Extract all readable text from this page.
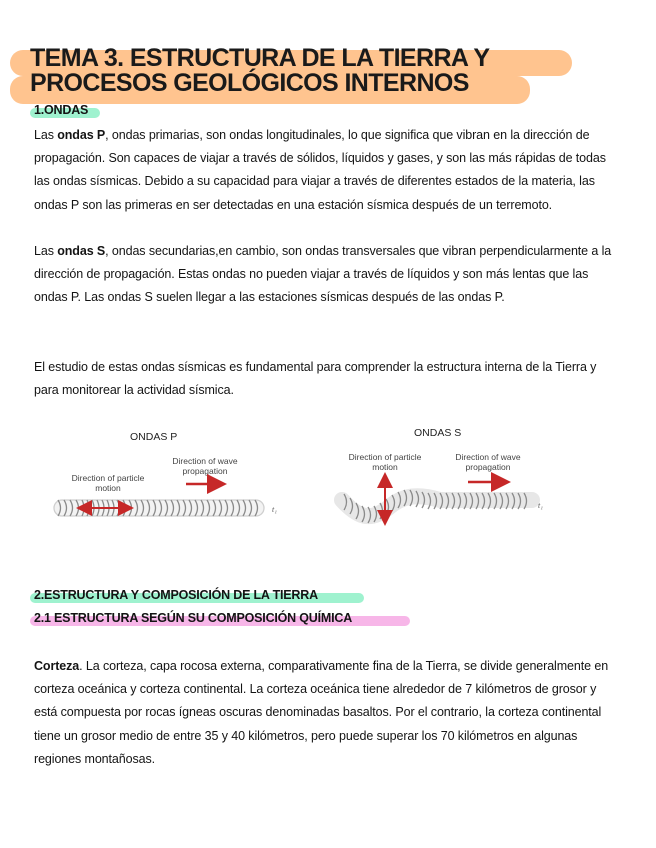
TEMA 3. ESTRUCTURA DE LA TIERRA Y
PROCESOS GEOLÓGICOS INTERNOS
1.ONDAS

Las ondas P, ondas primarias, son ondas longitudinales, lo que significa que vibran en la dirección de propagación. Son capaces de viajar a través de sólidos, líquidos y gases, y son las más rápidas de todas las ondas sísmicas. Debido a su capacidad para viajar a través de diferentes estados de la materia, las ondas P son las primeras en ser detectadas en una estación sísmica después de un terremoto.

Las ondas S, ondas secundarias,en cambio, son ondas transversales que vibran perpendicularmente a la dirección de propagación. Estas ondas no pueden viajar a través de líquidos y son más lentas que las ondas P. Las ondas S suelen llegar a las estaciones sísmicas después de las ondas P.

El estudio de estas ondas sísmicas es fundamental para comprender la estructura interna de la Tierra y para monitorear la actividad sísmica.

ONDAS P	ONDAS S
Direction of wave propagation
Direction of particle motion
Direction of particle motion
Direction of wave propagation
t₁	t₁
2.ESTRUCTURA Y COMPOSICIÓN DE LA TIERRA
2.1 ESTRUCTURA SEGÚN SU COMPOSICIÓN QUÍMICA

Corteza. La corteza, capa rocosa externa, comparativamente fina de la Tierra, se divide generalmente en corteza oceánica y corteza continental. La corteza oceánica tiene alrededor de 7 kilómetros de grosor y está compuesta por rocas ígneas oscuras denominadas basaltos. Por el contrario, la corteza continental tiene un grosor medio de entre 35 y 40 kilómetros, pero puede superar los 70 kilómetros en algunas regiones montañosas.
